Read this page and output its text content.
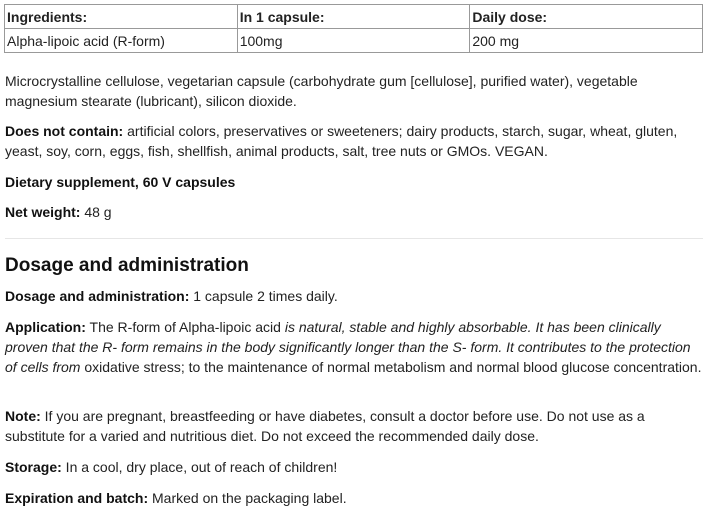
Ingredients:	In 1 capsule:	Daily dose:
Alpha-lipoic acid (R-form)	100mg	200 mg

Microcrystalline cellulose, vegetarian capsule (carbohydrate gum [cellulose], purified water), vegetable magnesium stearate (lubricant), silicon dioxide.

Does not contain: artificial colors, preservatives or sweeteners; dairy products, starch, sugar, wheat, gluten, yeast, soy, corn, eggs, fish, shellfish, animal products, salt, tree nuts or GMOs. VEGAN.

Dietary supplement, 60 V capsules

Net weight: 48 g

Dosage and administration

Dosage and administration: 1 capsule 2 times daily.

Application: The R-form of Alpha-lipoic acid is natural, stable and highly absorbable. It has been clinically proven that the R- form remains in the body significantly longer than the S- form. It contributes to the protection of cells from oxidative stress; to the maintenance of normal metabolism and normal blood glucose concentration.

Note: If you are pregnant, breastfeeding or have diabetes, consult a doctor before use. Do not use as a substitute for a varied and nutritious diet. Do not exceed the recommended daily dose.

Storage: In a cool, dry place, out of reach of children!

Expiration and batch: Marked on the packaging label.
